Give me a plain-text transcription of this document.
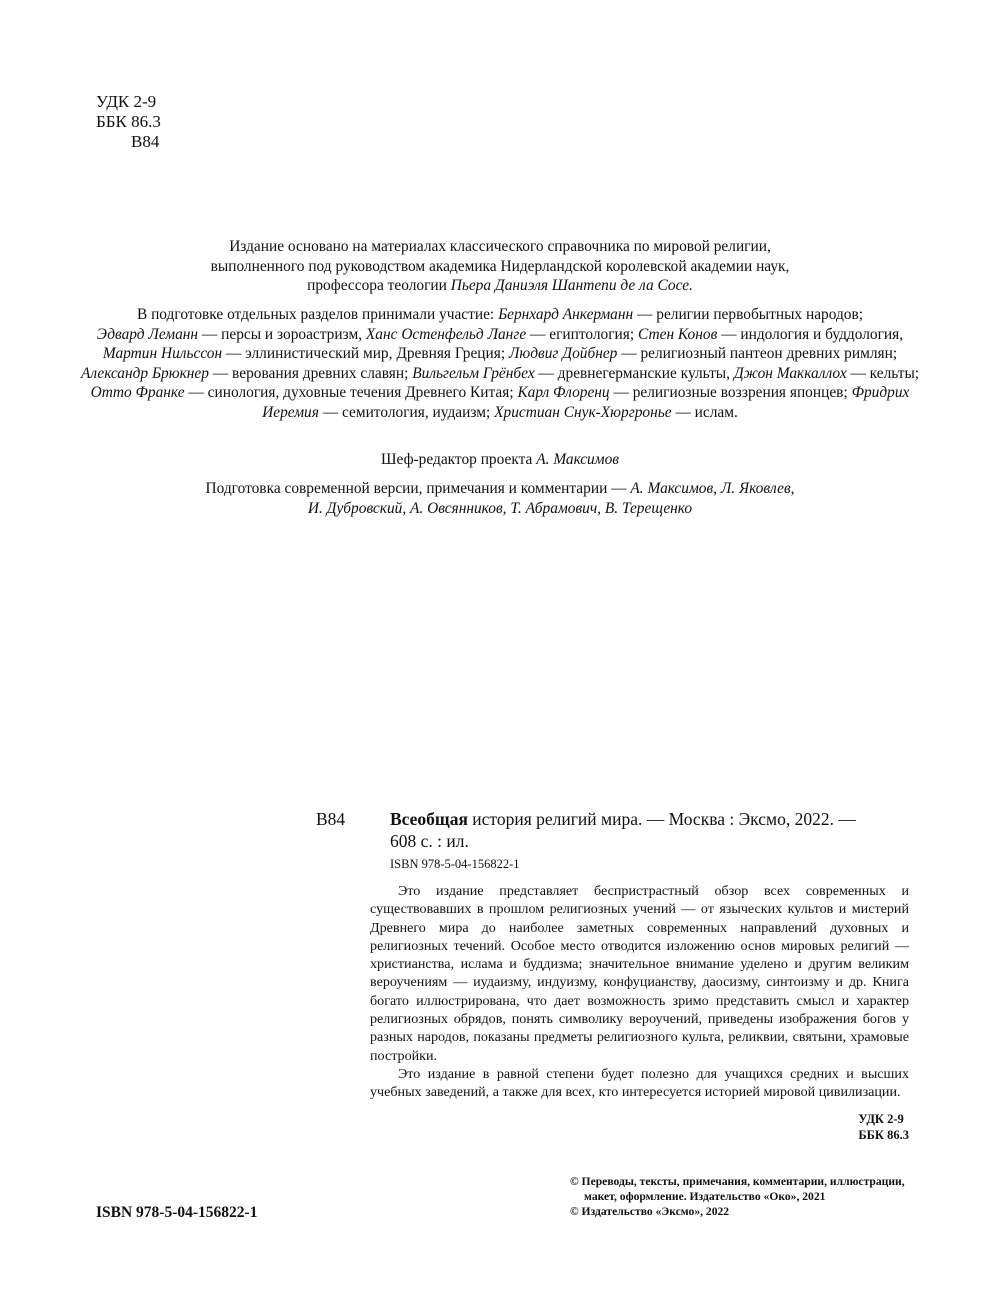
УДК 2-9
ББК 86.3
В84

Издание основано на материалах классического справочника по мировой религии,

выполненного под руководством академика Нидерландской королевской академии наук,

профессора теологии Пьера Даниэля Шантепи де ла Сосе.

В подготовке отдельных разделов принимали участие: Бернхард Анкерманн — религии первобытных народов;
Эдвард Леманн — персы и зороастризм, Ханс Остенфельд Ланге — египтология; Стен Конов — индология и буддология, Мартин Нильссон — эллинистический мир, Древняя Греция; Людвиг Дойбнер — религиозный пантеон древних римлян; Александр Брюкнер — верования древних славян; Вильгельм Грёнбех — древнегерманские культы, Джон Маккаллох — кельты; Отто Франке — синология, духовные течения Древнего Китая; Карл Флоренц — религиозные воззрения японцев; Фридрих Иеремия — семитология, иудаизм; Христиан Снук-Хюргронье — ислам.

Шеф-редактор проекта А. Максимов

Подготовка современной версии, примечания и комментарии — А. Максимов, Л. Яковлев,

И. Дубровский, А. Овсянников, Т. Абрамович, В. Терещенко

В84	Всеобщая история религий мира. — Москва : Эксмо, 2022. —
608 с. : ил.
ISBN 978-5-04-156822-1

Это издание представляет беспристрастный обзор всех современных и существовавших в прошлом религиозных учений — от языческих культов и мистерий Древнего мира до наиболее заметных современных направлений духовных и религиозных течений. Особое место отводится изложению основ мировых религий — христианства, ислама и буддизма; значительное внимание уделено и другим великим вероучениям — иудаизму, индуизму, конфуцианству, даосизму, синтоизму и др. Книга богато иллюстрирована, что дает возможность зримо представить смысл и характер религиозных обрядов, понять символику вероучений, приведены изображения богов у разных народов, показаны предметы религиозного культа, реликвии, святыни, храмовые постройки.

Это издание в равной степени будет полезно для учащихся средних и высших учебных заведений, а также для всех, кто интересуется историей мировой цивилизации.

УДК 2-9
ББК 86.3
ISBN 978-5-04-156822-1
© Переводы, тексты, примечания, комментарии, иллюстрации,
макет, оформление. Издательство «Око», 2021
© Издательство «Эксмо», 2022
